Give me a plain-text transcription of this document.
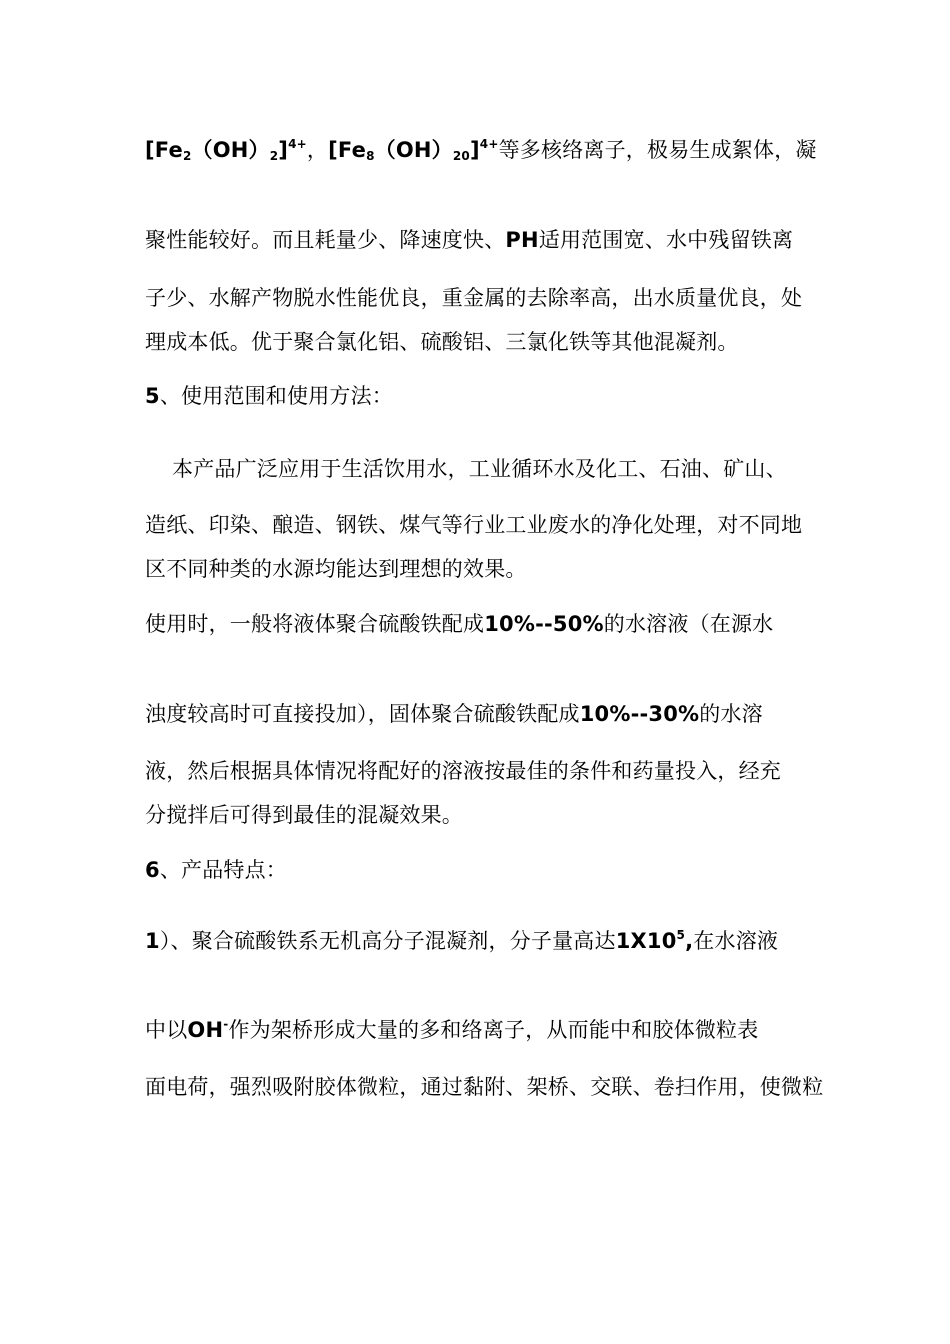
$[Fe_2(OH)_2]^{4+}$，$[Fe_8(OH)_{20}]^{4+}$等多核络离子，极易生成絮体，凝
聚性能较好。而且耗量少、降速度快、PH适用范围宽、水中残留铁离
子少、水解产物脱水性能优良，重金属的去除率高，出水质量优良，处
理成本低。优于聚合氯化铝、硫酸铝、三氯化铁等其他混凝剂。
5、使用范围和使用方法：
本产品广泛应用于生活饮用水，工业循环水及化工、石油、矿山、
造纸、印染、酿造、钢铁、煤气等行业工业废水的净化处理，对不同地
区不同种类的水源均能达到理想的效果。
使用时，一般将液体聚合硫酸铁配成10%--50%的水溶液（在源水
浊度较高时可直接投加），固体聚合硫酸铁配成10%--30%的水溶
液，然后根据具体情况将配好的溶液按最佳的条件和药量投入，经充
分搅拌后可得到最佳的混凝效果。
6、产品特点：
1）、聚合硫酸铁系无机高分子混凝剂，分子量高达$1X10^5$,在水溶液
中以OH-作为架桥形成大量的多和络离子，从而能中和胶体微粒表
面电荷，强烈吸附胶体微粒，通过黏附、架桥、交联、卷扫作用，使微粒
